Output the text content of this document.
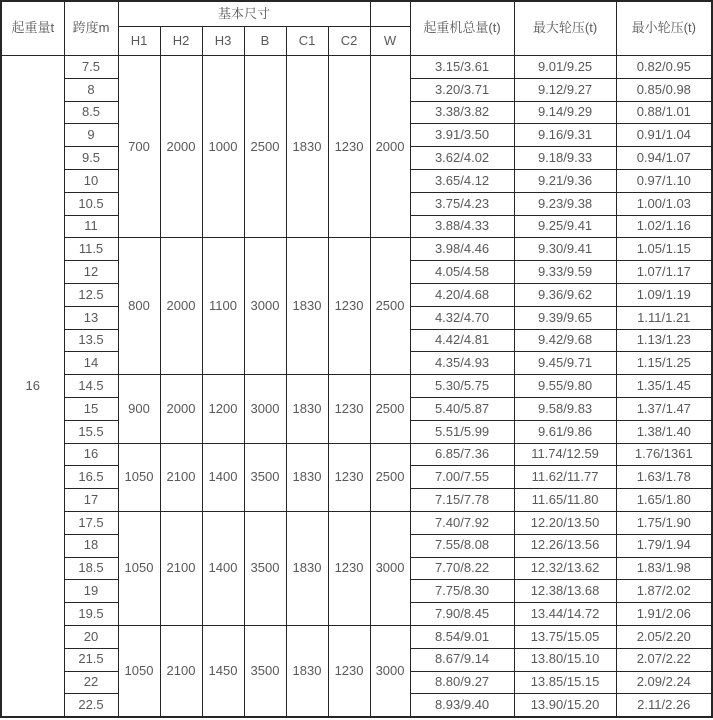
起重量t	跨度m	基本尺寸							起重机总量(t)	最大轮压(t)	最小轮压(t)
		H1	H2	H3	B	C1	C2	W			
16	7.5	700	2000	1000	2500	1830	1230	2000	3.15/3.61	9.01/9.25	0.82/0.95
	8								3.20/3.71	9.12/9.27	0.85/0.98
	8.5								3.38/3.82	9.14/9.29	0.88/1.01
	9								3.91/3.50	9.16/9.31	0.91/1.04
	9.5								3.62/4.02	9.18/9.33	0.94/1.07
	10								3.65/4.12	9.21/9.36	0.97/1.10
	10.5								3.75/4.23	9.23/9.38	1.00/1.03
	11								3.88/4.33	9.25/9.41	1.02/1.16
	11.5	800	2000	1100	3000	1830	1230	2500	3.98/4.46	9.30/9.41	1.05/1.15
	12								4.05/4.58	9.33/9.59	1.07/1.17
	12.5								4.20/4.68	9.36/9.62	1.09/1.19
	13								4.32/4.70	9.39/9.65	1.11/1.21
	13.5								4.42/4.81	9.42/9.68	1.13/1.23
	14								4.35/4.93	9.45/9.71	1.15/1.25
	14.5	900	2000	1200	3000	1830	1230	2500	5.30/5.75	9.55/9.80	1.35/1.45
	15								5.40/5.87	9.58/9.83	1.37/1.47
	15.5								5.51/5.99	9.61/9.86	1.38/1.40
	16	1050	2100	1400	3500	1830	1230	2500	6.85/7.36	11.74/12.59	1.76/1361
	16.5								7.00/7.55	11.62/11.77	1.63/1.78
	17								7.15/7.78	11.65/11.80	1.65/1.80
	17.5	1050	2100	1400	3500	1830	1230	3000	7.40/7.92	12.20/13.50	1.75/1.90
	18								7.55/8.08	12.26/13.56	1.79/1.94
	18.5								7.70/8.22	12.32/13.62	1.83/1.98
	19								7.75/8.30	12.38/13.68	1.87/2.02
	19.5								7.90/8.45	13.44/14.72	1.91/2.06
	20	1050	2100	1450	3500	1830	1230	3000	8.54/9.01	13.75/15.05	2.05/2.20
	21.5								8.67/9.14	13.80/15.10	2.07/2.22
	22								8.80/9.27	13.85/15.15	2.09/2.24
	22.5								8.93/9.40	13.90/15.20	2.11/2.26
